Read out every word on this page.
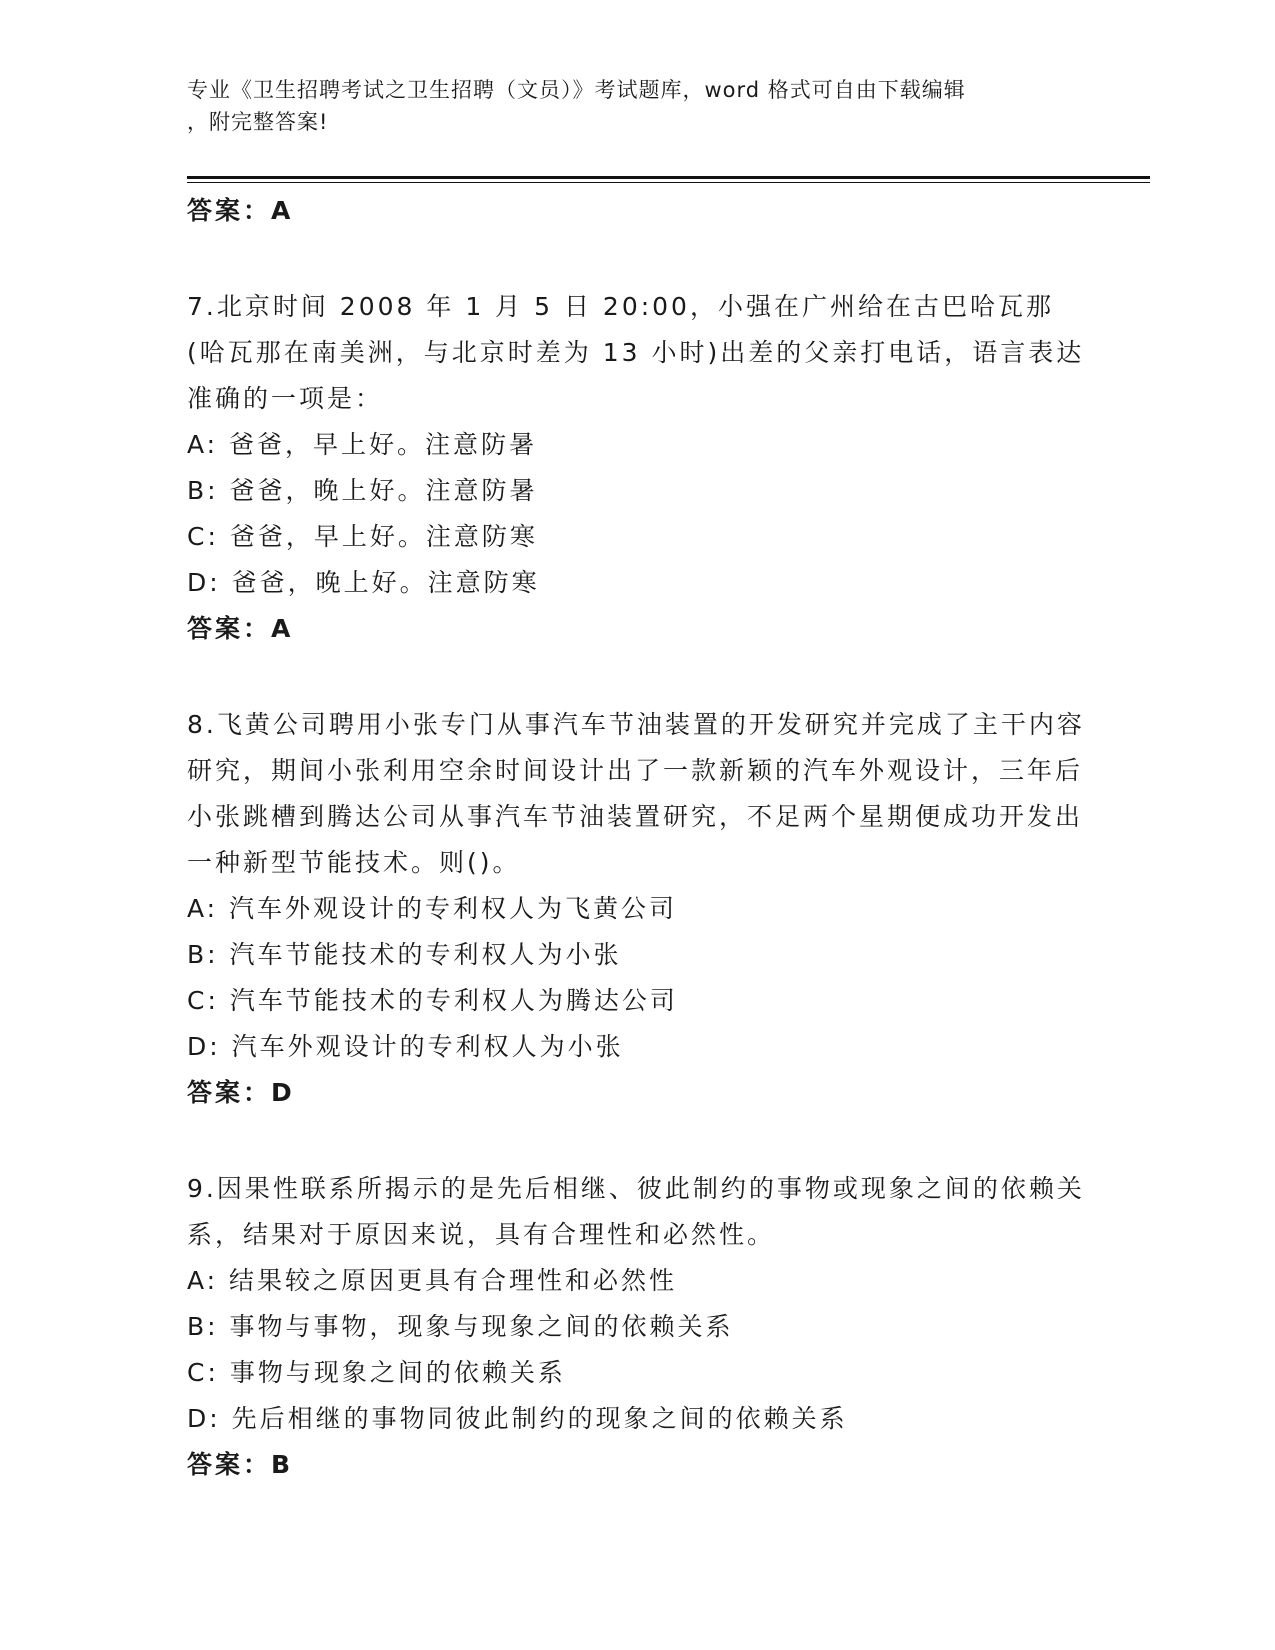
专业《卫生招聘考试之卫生招聘（文员）》考试题库，word 格式可自由下载编辑
，附完整答案!
答案：A
7.北京时间 2008 年 1 月 5 日 20:00，小强在广州给在古巴哈瓦那(哈瓦那在南美洲，与北京时差为 13 小时)出差的父亲打电话，语言表达准确的一项是：
A: 爸爸，早上好。注意防暑
B: 爸爸，晚上好。注意防暑
C: 爸爸，早上好。注意防寒
D: 爸爸，晚上好。注意防寒
答案：A
8.飞黄公司聘用小张专门从事汽车节油装置的开发研究并完成了主干内容研究，期间小张利用空余时间设计出了一款新颖的汽车外观设计，三年后小张跳槽到腾达公司从事汽车节油装置研究，不足两个星期便成功开发出一种新型节能技术。则()。
A: 汽车外观设计的专利权人为飞黄公司
B: 汽车节能技术的专利权人为小张
C: 汽车节能技术的专利权人为腾达公司
D: 汽车外观设计的专利权人为小张
答案：D
9.因果性联系所揭示的是先后相继、彼此制约的事物或现象之间的依赖关系，结果对于原因来说，具有合理性和必然性。
A: 结果较之原因更具有合理性和必然性
B: 事物与事物，现象与现象之间的依赖关系
C: 事物与现象之间的依赖关系
D: 先后相继的事物同彼此制约的现象之间的依赖关系
答案：B
